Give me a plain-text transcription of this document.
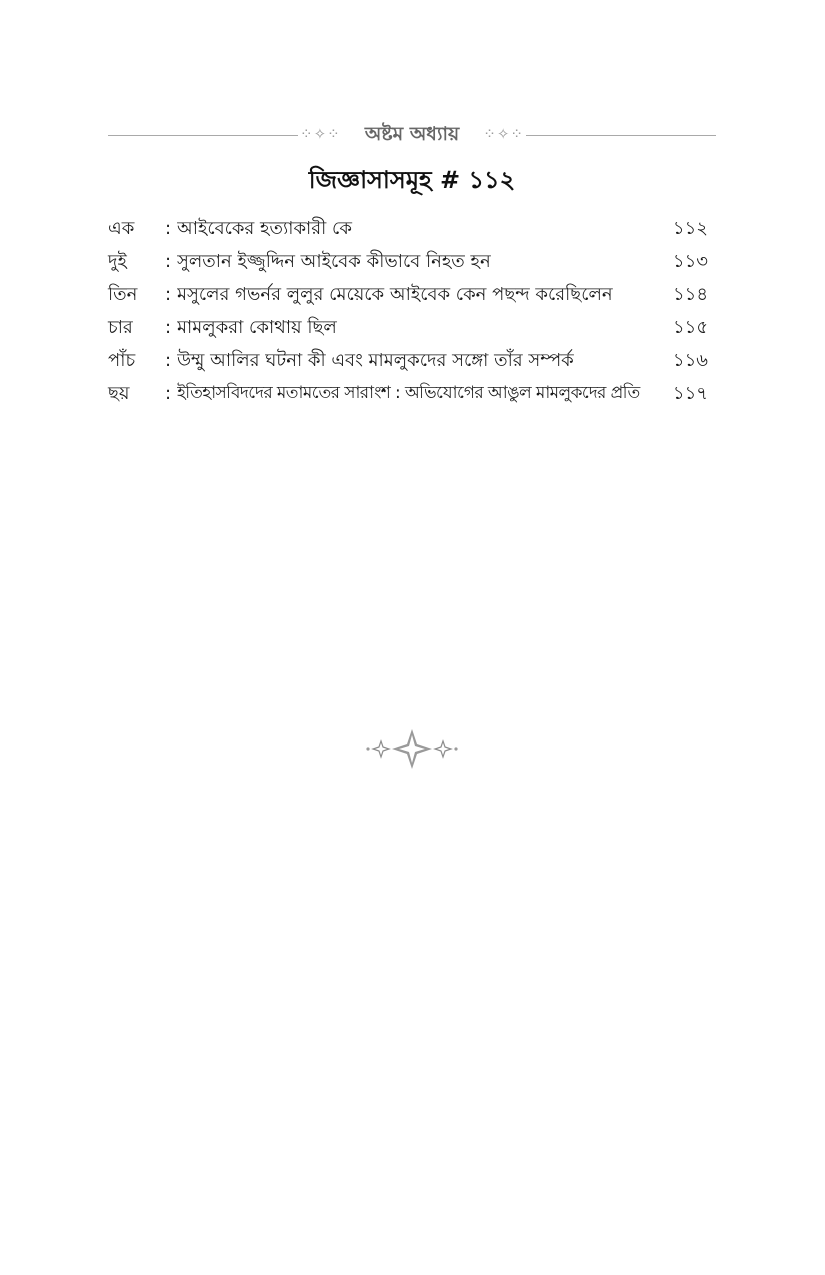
⁘✧⁘	অষ্টম অধ্যায়	⁘✧⁘
জিজ্ঞাসাসমূহ # ১১২
এক : আইবেকের হত্যাকারী কে	১১২
দুই : সুলতান ইজ্জুদ্দিন আইবেক কীভাবে নিহত হন	১১৩
তিন : মসুলের গভর্নর লুলুর মেয়েকে আইবেক কেন পছন্দ করেছিলেন	১১৪
চার : মামলুকরা কোথায় ছিল	১১৫
পাঁচ : উম্মু আলির ঘটনা কী এবং মামলুকদের সঙ্গো তাঁর সম্পর্ক	১১৬
ছয় : ইতিহাসবিদদের মতামতের সারাংশ : অভিযোগের আঙুল মামলুকদের প্রতি	১১৭
